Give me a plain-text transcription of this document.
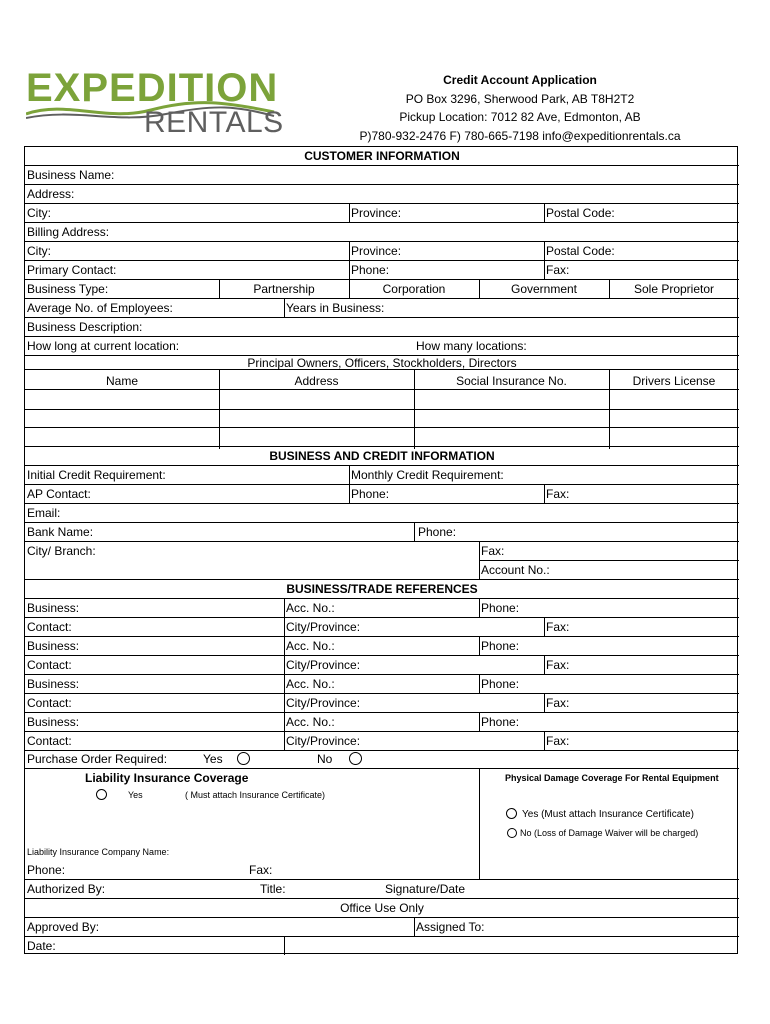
EXPEDITION
RENTALS
Credit Account Application
PO Box 3296, Sherwood Park, AB T8H2T2
Pickup Location: 7012 82 Ave, Edmonton, AB
P)780-932-2476 F) 780-665-7198 info@expeditionrentals.ca
CUSTOMER INFORMATION
Business Name:
Address:
City:	Province:	Postal Code:
Billing Address:
City:	Province:	Postal Code:
Primary Contact:	Phone:	Fax:
Business Type:	Partnership	Corporation	Government	Sole Proprietor
Average No. of Employees:	Years in Business:
Business Description:
How long at current location:	How many locations:
Principal Owners, Officers, Stockholders, Directors
Name	Address	Social Insurance No.	Drivers License
BUSINESS AND CREDIT INFORMATION
Initial Credit Requirement:	Monthly Credit Requirement:
AP Contact:	Phone:	Fax:
Email:
Bank Name:	Phone:
City/ Branch:	Fax:
Account No.:
BUSINESS/TRADE REFERENCES
Business:	Acc. No.:	Phone:
Contact:	City/Province:	Fax:
Business:	Acc. No.:	Phone:
Contact:	City/Province:	Fax:
Business:	Acc. No.:	Phone:
Contact:	City/Province:	Fax:
Business:	Acc. No.:	Phone:
Contact:	City/Province:	Fax:
Purchase Order Required:	Yes	No
Liability Insurance Coverage
Yes	( Must attach Insurance Certificate)
Physical Damage Coverage For Rental Equipment
Yes (Must attach Insurance Certificate)
No (Loss of Damage Waiver will be charged)
Liability Insurance Company Name:
Phone:	Fax:
Authorized By:	Title:	Signature/Date
Office Use Only
Approved By:	Assigned To:
Date:
